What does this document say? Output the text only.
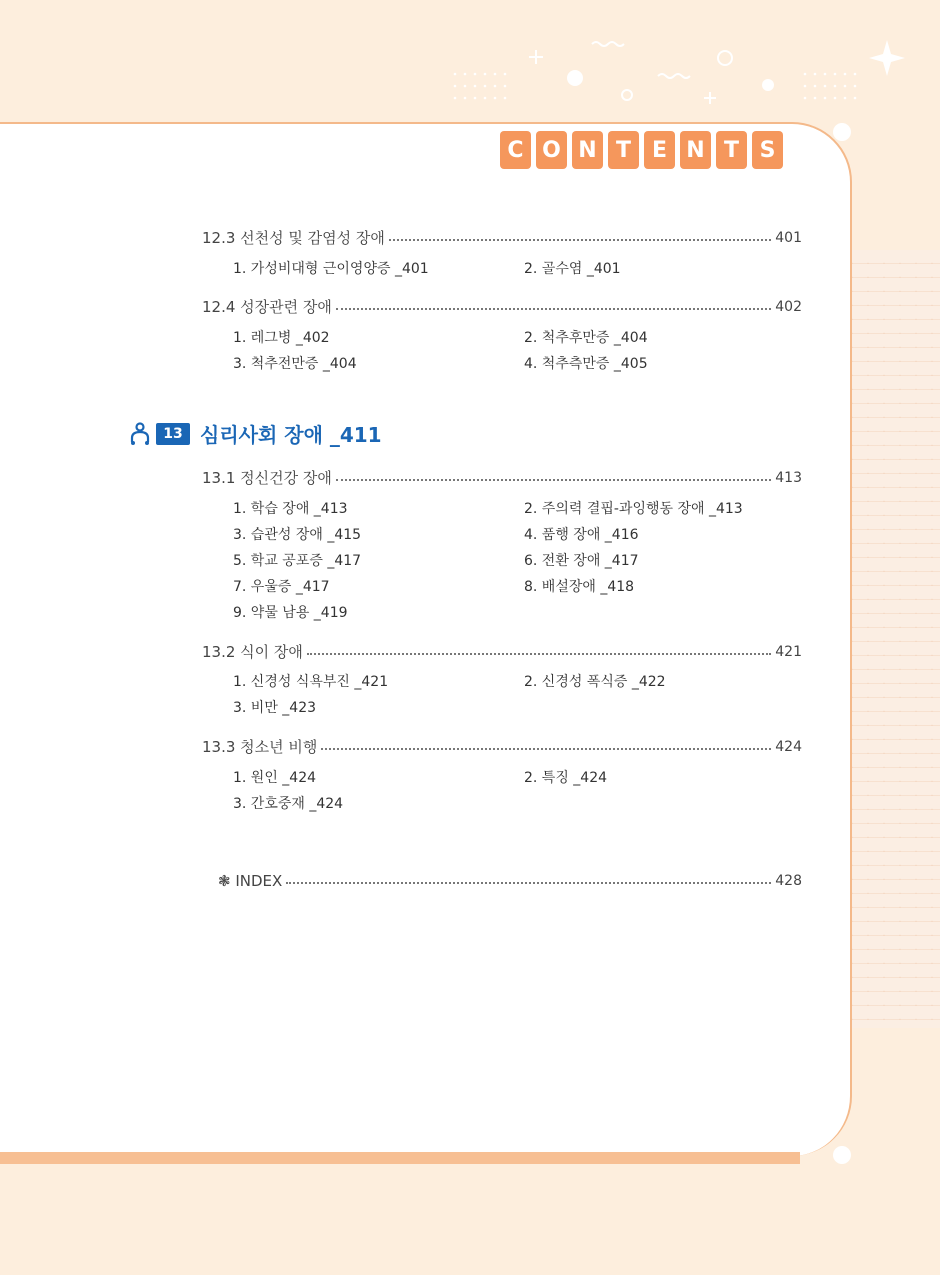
C O N T E N T S
12.3 선천성 및 감염성 장애	401
1. 가성비대형 근이영양증 _401	2. 골수염 _401
12.4 성장관련 장애	402
1. 레그병 _402	2. 척추후만증 _404
3. 척추전만증 _404	4. 척추측만증 _405
13 심리사회 장애 _411
13.1 정신건강 장애	413
1. 학습 장애 _413	2. 주의력 결핍-과잉행동 장애 _413
3. 습관성 장애 _415	4. 품행 장애 _416
5. 학교 공포증 _417	6. 전환 장애 _417
7. 우울증 _417	8. 배설장애 _418
9. 약물 남용 _419
13.2 식이 장애	421
1. 신경성 식욕부진 _421	2. 신경성 폭식증 _422
3. 비만 _423
13.3 청소년 비행	424
1. 원인 _424	2. 특징 _424
3. 간호중재 _424
❃ INDEX	428
